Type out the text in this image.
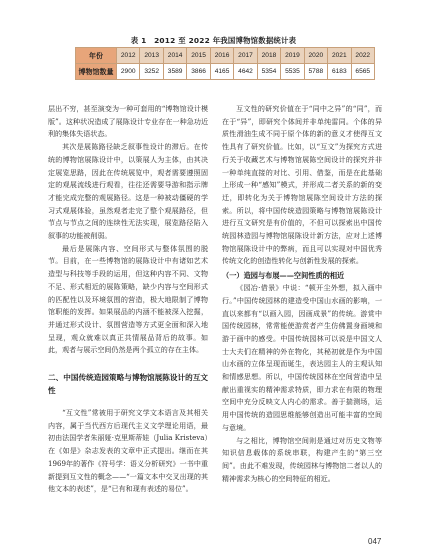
表 1　2012 至 2022 年我国博物馆数据统计表
年份	2012	2013	2014	2015	2016	2017	2018	2019	2020	2021	2022
博物馆数量	2900	3252	3589	3866	4165	4642	5354	5535	5788	6183	6565

层出不穷，甚至演变为一种可套用的“博物馆设计模版”。这种状况造成了展陈设计专业存在一种急功近利的集体失语状态。

其次是展陈路径缺乏叙事性设计的滞后。在传统的博物馆展陈设计中，以策展人为主体，由其决定展览思路，因此在传统展览中，观者需要遵照固定的观展流线进行观看，往往还需要导游和指示牌才能完成完整的观展路径。这是一种被动僵硬的学习式观展体验，虽然观者走完了整个观展路径，但节点与节点之间的连续性无法实现，展览路径陷入叙事的功能被削弱。

最后是展陈内容、空间形式与整体氛围的脱节。目前，在一些博物馆的展陈设计中有诸如艺术造型与科技等手段的运用，但这种内容不同、文物不足、形式相近的展陈策略，缺少内容与空间形式的匹配性以及环境氛围的营造，极大地限制了博物馆职能的发挥。如果展品的内涵不能被深入挖掘，并通过形式设计、氛围营造等方式更全面和深入地呈现，观众就难以真正共情展品背后的故事。如此，观者与展示空间仍然是两个孤立的存在主体。

二、中国传统造园策略与博物馆展陈设计的互文性

“互文性”常被用于研究文学文本语言及其相关内容，属于当代西方后现代主义文学理论用语，最初由法国学者朱丽娅·克里斯蒂娃（Julia Kristeva）在《如是》杂志发表的文章中正式提出。继而在其1969年的著作《符号学：语义分析研究》一书中重新提到互文性的概念——“一篇文本中交叉出现的其他文本的表述”，是“已有和现有表述的易位”。

互文性的研究价值在于“同中之异”的“同”，而在于“异”，即研究个体间并非单纯雷同。个体的异质性滑油生成不同于原个体的新的意义才使得互文性具有了研究价值。比如，以“互文”为探究方式进行关于收藏艺术与博物馆展陈空间设计的探究并非一种单纯直接的对比、引用、借鉴，而是在此基础上形成一种“感知”模式，并形成二者关系的新的变迁，即转化为关于博物馆展陈空间设计方法的探索。所以，将中国传统造园策略与博物馆展陈设计进行互文研究是有价值的，不但可以探索出中国传统园林造园与博物馆展陈设计新方法，应对上述博物馆展陈设计中的弊病，而且可以实现对中国优秀传统文化的创造性转化与创新性发展的探索。

（一）造园与布展——空间性质的相近

《园冶·借景》中说：“顿开尘外想，拟入画中行。”中国传统园林的建造受中国山水画的影响，一直以来都有“以画入园，因画成景”的传统。游赏中国传统园林，常常能使游赏者产生仿佛置身画境和游于画中的感受。中国传统园林可以说是中国文人士大夫们在精神的外在物化，其秘初就是作为中国山水画的立体呈现而诞生，表达园主人的主观认知和情感思想。所以，中国传统园林在空间营造中呈献出重视实的精神需求特质，即力求在有限的物理空间中充分反映文人内心的需求。善于揣测场，运用中国传统的造园思维能够创造出可能丰富的空间与意境。

与之相比，博物馆空间则是通过对历史文物等知识信息载体的系统串联，构建产生的“第三空间”。由此不难发现，传统园林与博物馆二者以人的精神需求为核心的空间特征的相近。

047
